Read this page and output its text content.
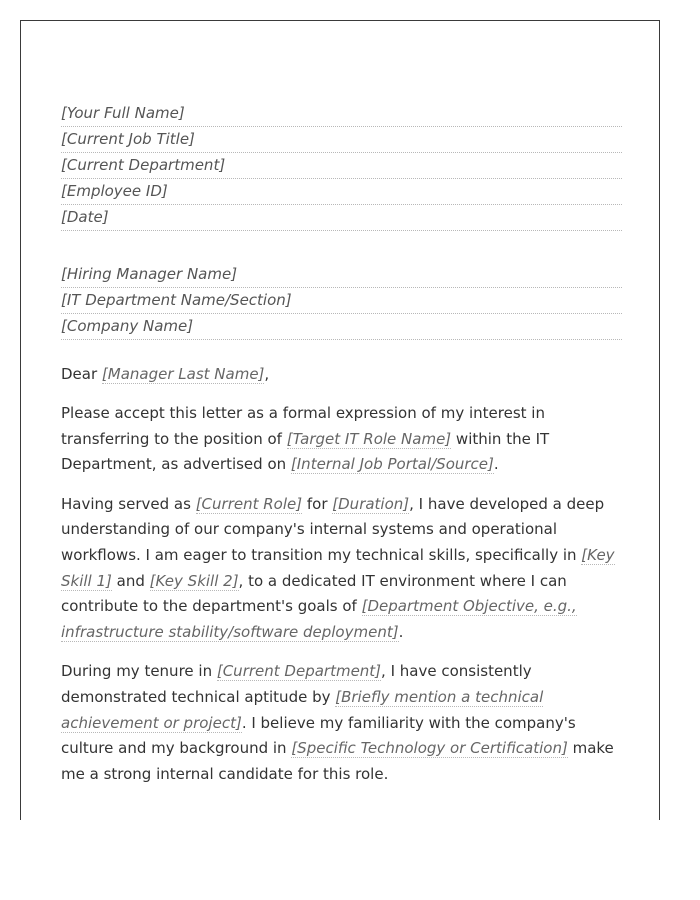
[Your Full Name]
[Current Job Title]
[Current Department]
[Employee ID]
[Date]
[Hiring Manager Name]
[IT Department Name/Section]
[Company Name]
Dear [Manager Last Name],

Please accept this letter as a formal expression of my interest in transferring to the position of [Target IT Role Name] within the IT Department, as advertised on [Internal Job Portal/Source].

Having served as [Current Role] for [Duration], I have developed a deep understanding of our company's internal systems and operational workflows. I am eager to transition my technical skills, specifically in [Key Skill 1] and [Key Skill 2], to a dedicated IT environment where I can contribute to the department's goals of [Department Objective, e.g., infrastructure stability/software deployment].

During my tenure in [Current Department], I have consistently demonstrated technical aptitude by [Briefly mention a technical achievement or project]. I believe my familiarity with the company's culture and my background in [Specific Technology or Certification] make me a strong internal candidate for this role.
